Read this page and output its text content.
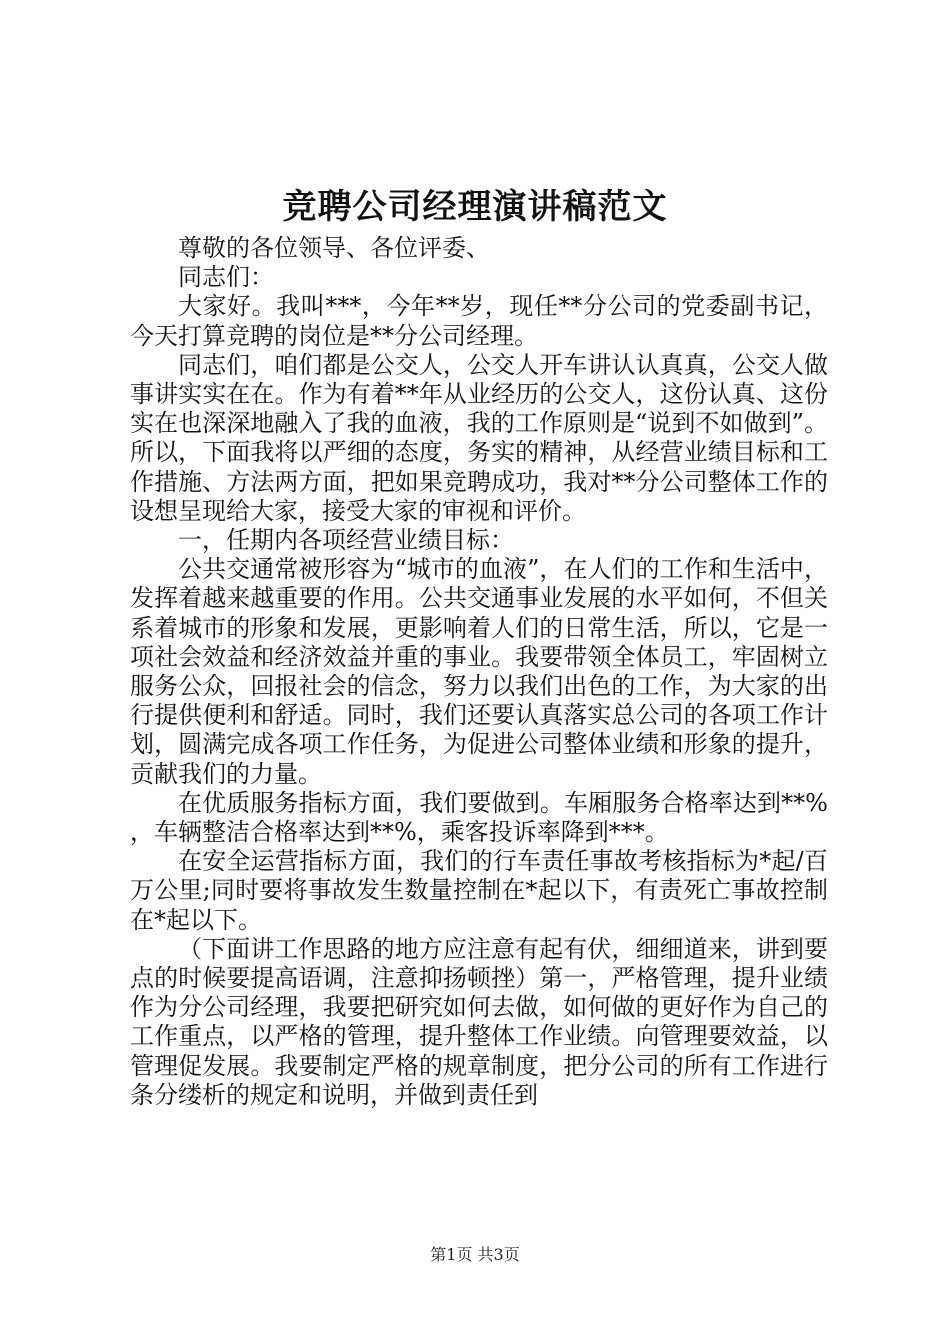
竞聘公司经理演讲稿范文

尊敬的各位领导、各位评委、

同志们：

大家好。我叫***，今年**岁，现任**分公司的党委副书记，今天打算竞聘的岗位是**分公司经理。

同志们，咱们都是公交人，公交人开车讲认认真真，公交人做事讲实实在在。作为有着**年从业经历的公交人，这份认真、这份实在也深深地融入了我的血液，我的工作原则是“说到不如做到”。所以，下面我将以严细的态度，务实的精神，从经营业绩目标和工作措施、方法两方面，把如果竞聘成功，我对**分公司整体工作的设想呈现给大家，接受大家的审视和评价。

一，任期内各项经营业绩目标：

公共交通常被形容为“城市的血液”，在人们的工作和生活中，发挥着越来越重要的作用。公共交通事业发展的水平如何，不但关系着城市的形象和发展，更影响着人们的日常生活，所以，它是一项社会效益和经济效益并重的事业。我要带领全体员工，牢固树立服务公众，回报社会的信念，努力以我们出色的工作，为大家的出行提供便利和舒适。同时，我们还要认真落实总公司的各项工作计划，圆满完成各项工作任务，为促进公司整体业绩和形象的提升，贡献我们的力量。

在优质服务指标方面，我们要做到。车厢服务合格率达到**%，车辆整洁合格率达到**%，乘客投诉率降到***。

在安全运营指标方面，我们的行车责任事故考核指标为*起/百万公里;同时要将事故发生数量控制在*起以下，有责死亡事故控制在*起以下。

（下面讲工作思路的地方应注意有起有伏，细细道来，讲到要点的时候要提高语调，注意抑扬顿挫）第一，严格管理，提升业绩作为分公司经理，我要把研究如何去做，如何做的更好作为自己的工作重点，以严格的管理，提升整体工作业绩。向管理要效益，以管理促发展。我要制定严格的规章制度，把分公司的所有工作进行条分缕析的规定和说明，并做到责任到

第1页 共3页
